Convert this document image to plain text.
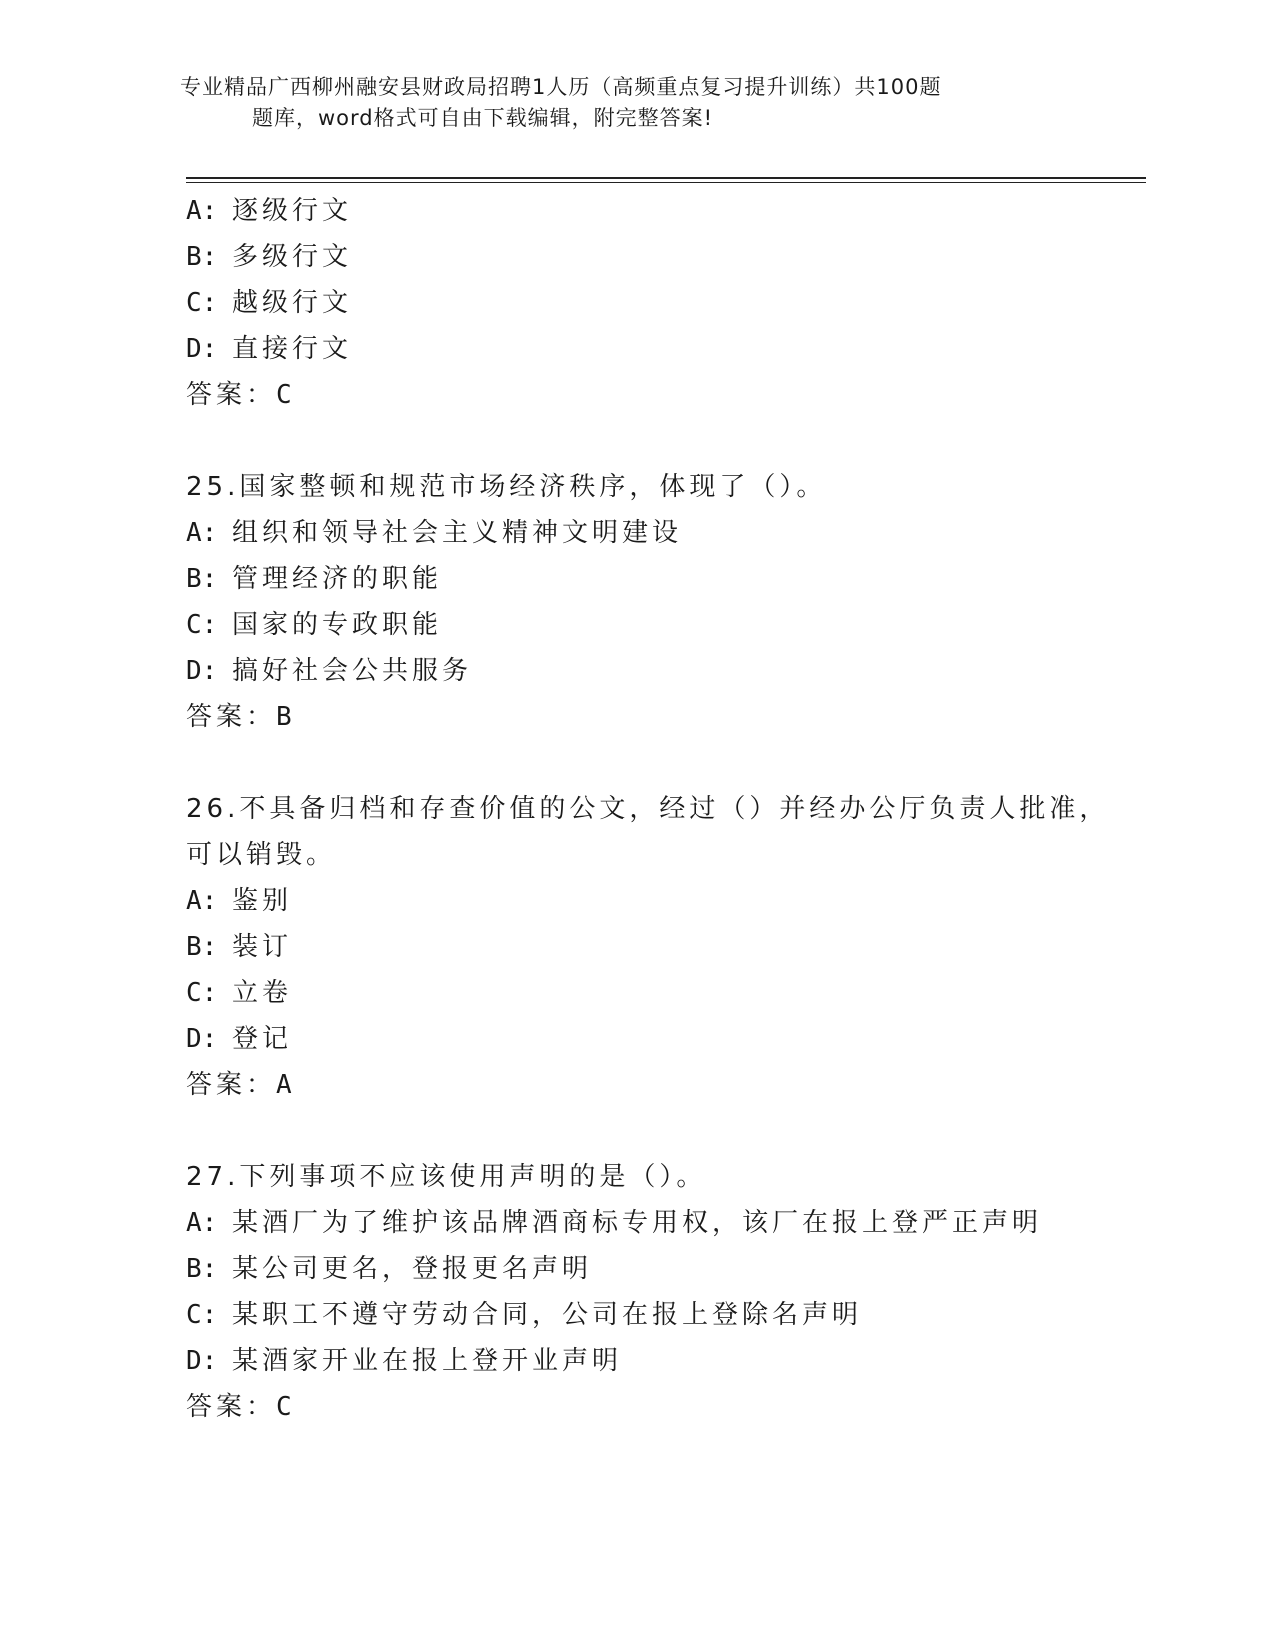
专业精品广西柳州融安县财政局招聘1人历（高频重点复习提升训练）共100题
题库，word格式可自由下载编辑，附完整答案!
A: 逐级行文
B: 多级行文
C: 越级行文
D: 直接行文
答案：C
25.国家整顿和规范市场经济秩序，体现了（）。
A: 组织和领导社会主义精神文明建设
B: 管理经济的职能
C: 国家的专政职能
D: 搞好社会公共服务
答案：B
26.不具备归档和存查价值的公文，经过（）并经办公厅负责人批准，
可以销毁。
A: 鉴别
B: 装订
C: 立卷
D: 登记
答案：A
27.下列事项不应该使用声明的是（）。
A: 某酒厂为了维护该品牌酒商标专用权，该厂在报上登严正声明
B: 某公司更名，登报更名声明
C: 某职工不遵守劳动合同，公司在报上登除名声明
D: 某酒家开业在报上登开业声明
答案：C
